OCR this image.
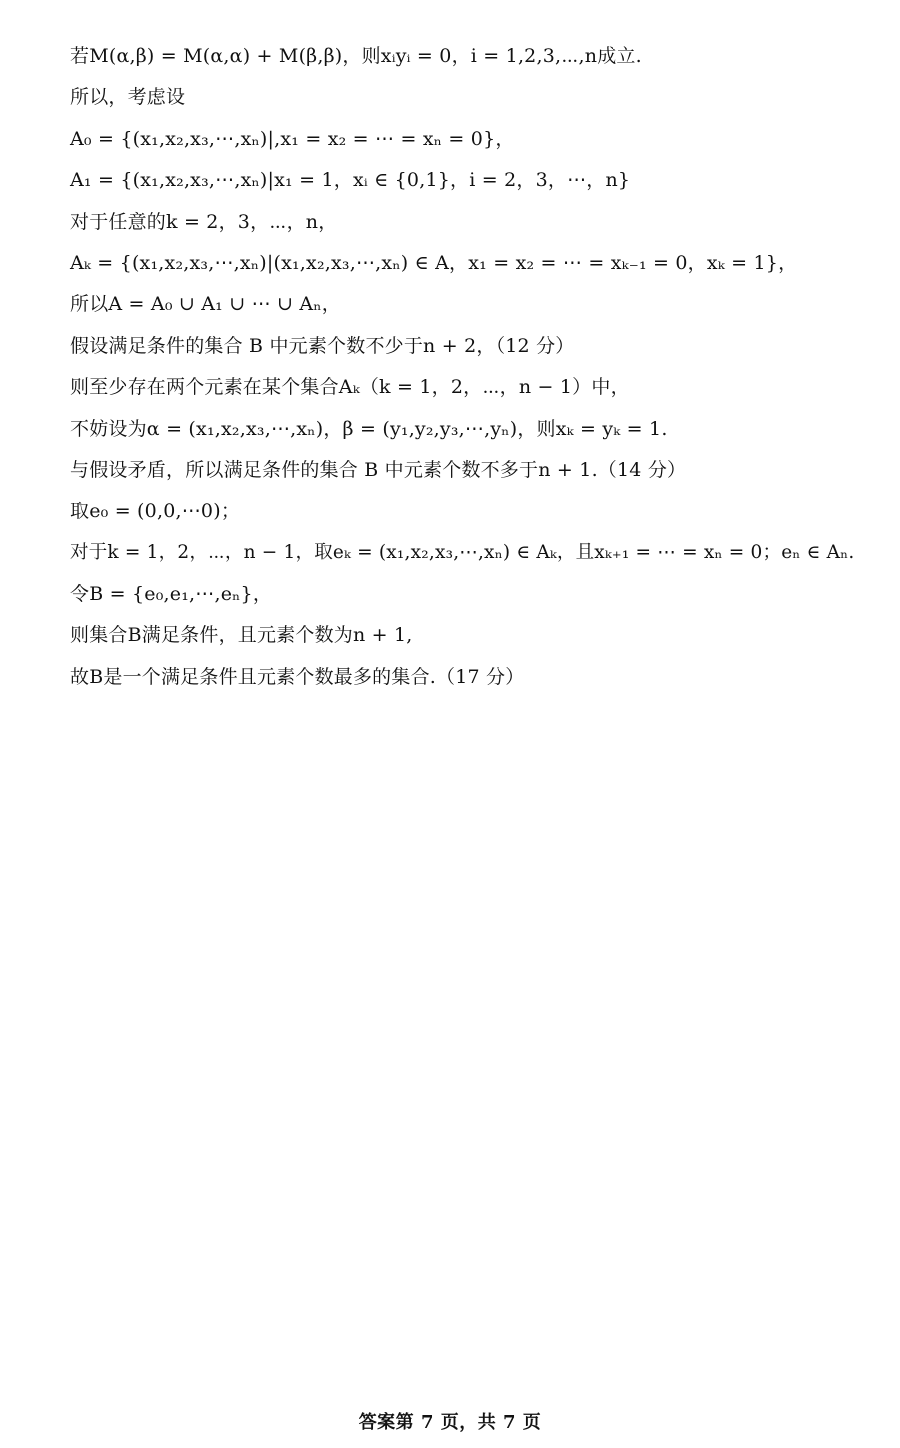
若M(α,β) = M(α,α) + M(β,β)，则xᵢyᵢ = 0，i = 1,2,3,⋯,n成立.
所以，考虑设
A₀ = {(x₁,x₂,x₃,⋯,xₙ)|,x₁ = x₂ = ⋯ = xₙ = 0}，
A₁ = {(x₁,x₂,x₃,⋯,xₙ)|x₁ = 1，xᵢ ∈ {0,1}，i = 2，3，⋯，n}
对于任意的k = 2，3，⋯，n，
Aₖ = {(x₁,x₂,x₃,⋯,xₙ)|(x₁,x₂,x₃,⋯,xₙ) ∈ A，x₁ = x₂ = ⋯ = xₖ₋₁ = 0，xₖ = 1}，
所以A = A₀ ∪ A₁ ∪ ⋯ ∪ Aₙ，
假设满足条件的集合 B 中元素个数不少于n + 2，（12 分）
则至少存在两个元素在某个集合Aₖ（k = 1，2，⋯，n − 1）中，
不妨设为α = (x₁,x₂,x₃,⋯,xₙ)，β = (y₁,y₂,y₃,⋯,yₙ)，则xₖ = yₖ = 1.
与假设矛盾，所以满足条件的集合 B 中元素个数不多于n + 1.（14 分）
取e₀ = (0,0,⋯0)；
对于k = 1，2，⋯，n − 1，取eₖ = (x₁,x₂,x₃,⋯,xₙ) ∈ Aₖ，且xₖ₊₁ = ⋯ = xₙ = 0；eₙ ∈ Aₙ.
令B = {e₀,e₁,⋯,eₙ}，
则集合B满足条件，且元素个数为n + 1,
故B是一个满足条件且元素个数最多的集合.（17 分）
答案第 7 页，共 7 页
